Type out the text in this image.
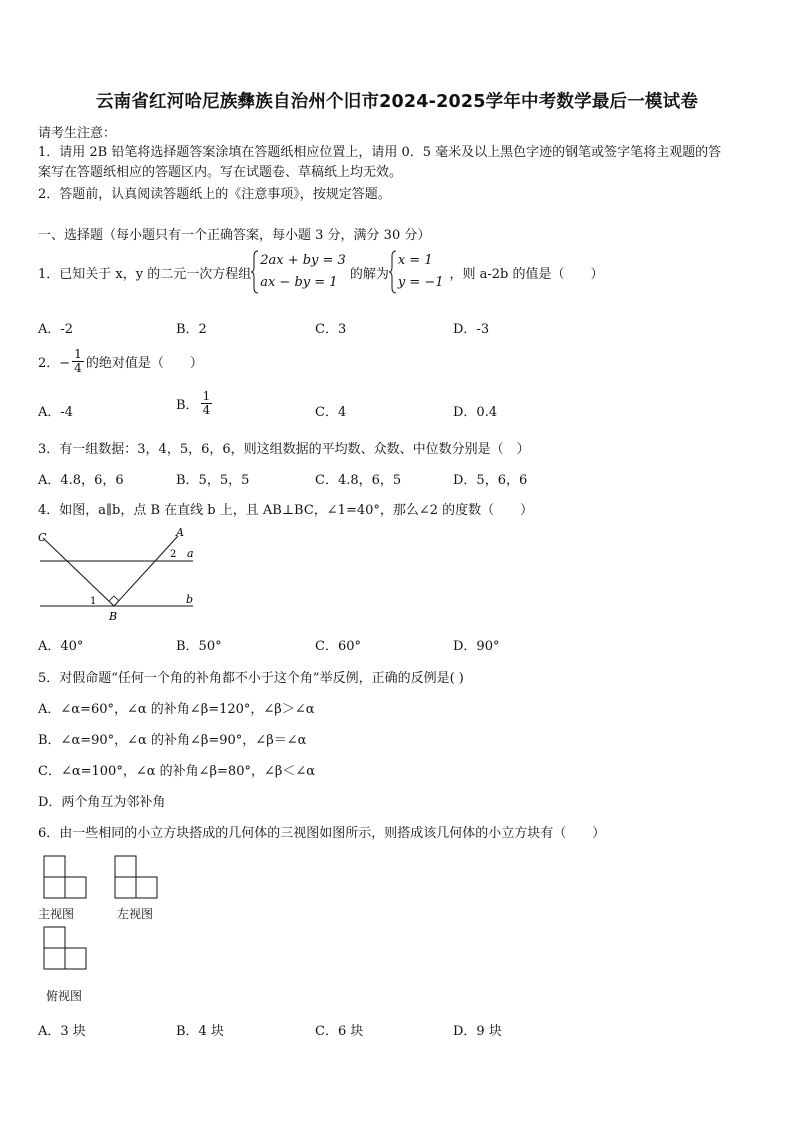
云南省红河哈尼族彝族自治州个旧市2024-2025学年中考数学最后一模试卷
请考生注意：
1．请用 2B 铅笔将选择题答案涂填在答题纸相应位置上，请用 0．5 毫米及以上黑色字迹的钢笔或签字笔将主观题的答
案写在答题纸相应的答题区内。写在试题卷、草稿纸上均无效。
2．答题前，认真阅读答题纸上的《注意事项》，按规定答题。
一、选择题（每小题只有一个正确答案，每小题 3 分，满分 30 分）
1．已知关于 x，y 的二元一次方程组
2ax + by = 3
ax − by = 1
的解为
x = 1
y = −1
，则 a-2b 的值是（　　）
A．-2	B．2	C．3	D．-3
2．− $\frac{1}{4}$ 的绝对值是（　　）
A．-4	B． $\frac{1}{4}$	C．4	D．0.4
3．有一组数据：3，4，5，6，6，则这组数据的平均数、众数、中位数分别是（　）
A．4.8，6，6	B．5，5，5	C．4.8，6，5	D．5，6，6
4．如图，a∥b，点 B 在直线 b 上，且 AB⊥BC，∠1=40°，那么∠2 的度数（　　）
C	A
B
a
b
1
2
A．40°	B．50°	C．60°	D．90°
5．对假命题“任何一个角的补角都不小于这个角”举反例，正确的反例是( )
A．∠α=60°，∠α 的补角∠β=120°，∠β＞∠α
B．∠α=90°，∠α 的补角∠β=90°，∠β＝∠α
C．∠α=100°，∠α 的补角∠β=80°，∠β＜∠α
D．两个角互为邻补角
6．由一些相同的小立方块搭成的几何体的三视图如图所示，则搭成该几何体的小立方块有（　　）
主视图	左视图
俯视图
A．3 块	B．4 块	C．6 块	D．9 块
